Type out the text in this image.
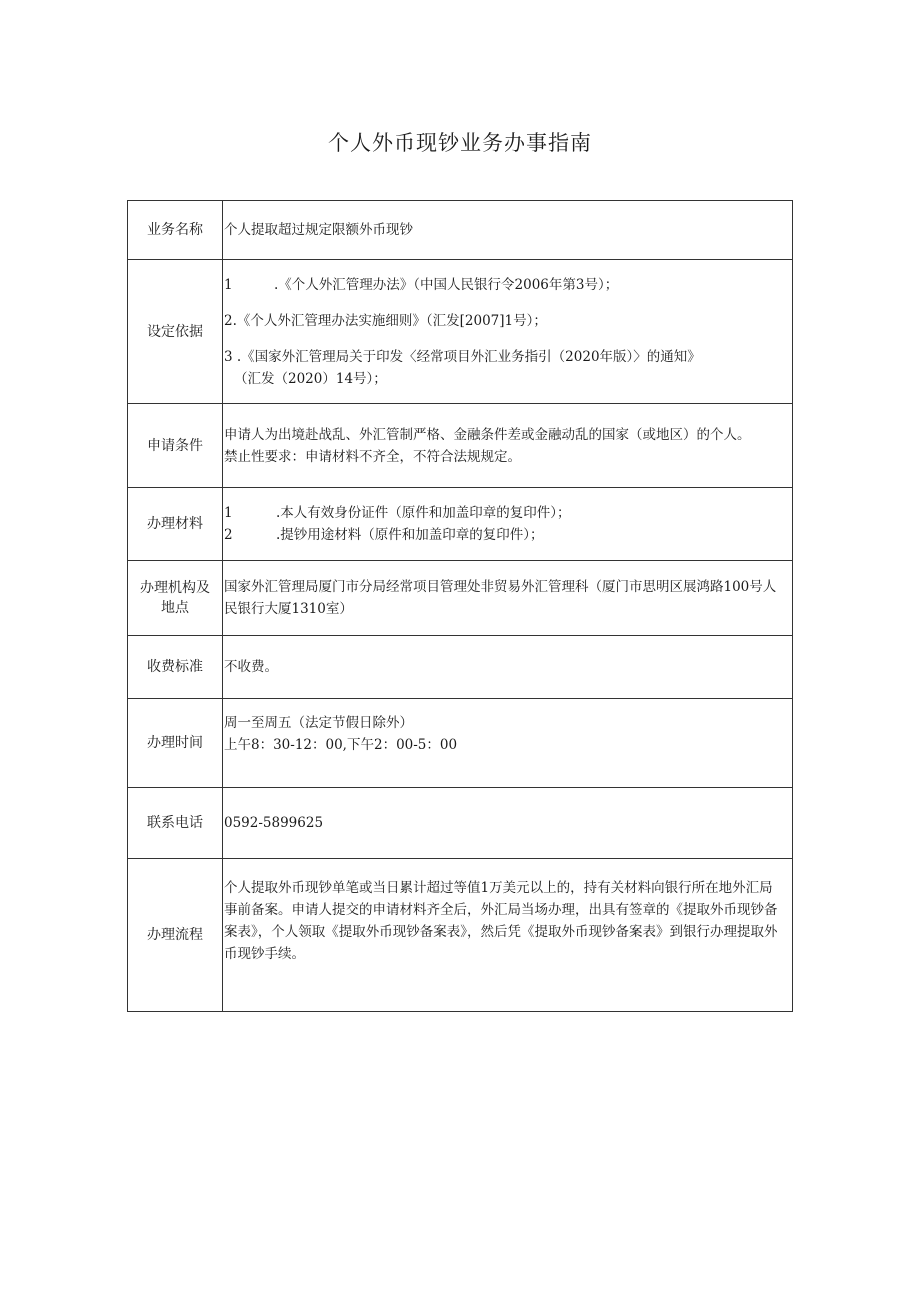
个人外币现钞业务办事指南
业务名称	个人提取超过规定限额外币现钞
设定依据	1 .《个人外汇管理办法》（中国人民银行令2006年第3号）；

2.《个人外汇管理办法实施细则》（汇发[2007]1号）；

3 .《国家外汇管理局关于印发〈经常项目外汇业务指引（2020年版）〉的通知》

（汇发（2020）14号）；

申请条件	申请人为出境赴战乱、外汇管制严格、金融条件差或金融动乱的国家（或地区）的个人。

禁止性要求：申请材料不齐全，不符合法规规定。

办理材料	1 .本人有效身份证件（原件和加盖印章的复印件）；

2 .提钞用途材料（原件和加盖印章的复印件）；

办理机构及
地点	国家外汇管理局厦门市分局经常项目管理处非贸易外汇管理科（厦门市思明区展鸿路100号人民银行大厦1310室）
收费标准	不收费。
办理时间	周一至周五（法定节假日除外）

上午8：30-12：00,下午2：00-5：00

联系电话	0592-5899625
办理流程	个人提取外币现钞单笔或当日累计超过等值1万美元以上的，持有关材料向银行所在地外汇局事前备案。申请人提交的申请材料齐全后，外汇局当场办理，出具有签章的《提取外币现钞备案表》，个人领取《提取外币现钞备案表》，然后凭《提取外币现钞备案表》到银行办理提取外币现钞手续。
